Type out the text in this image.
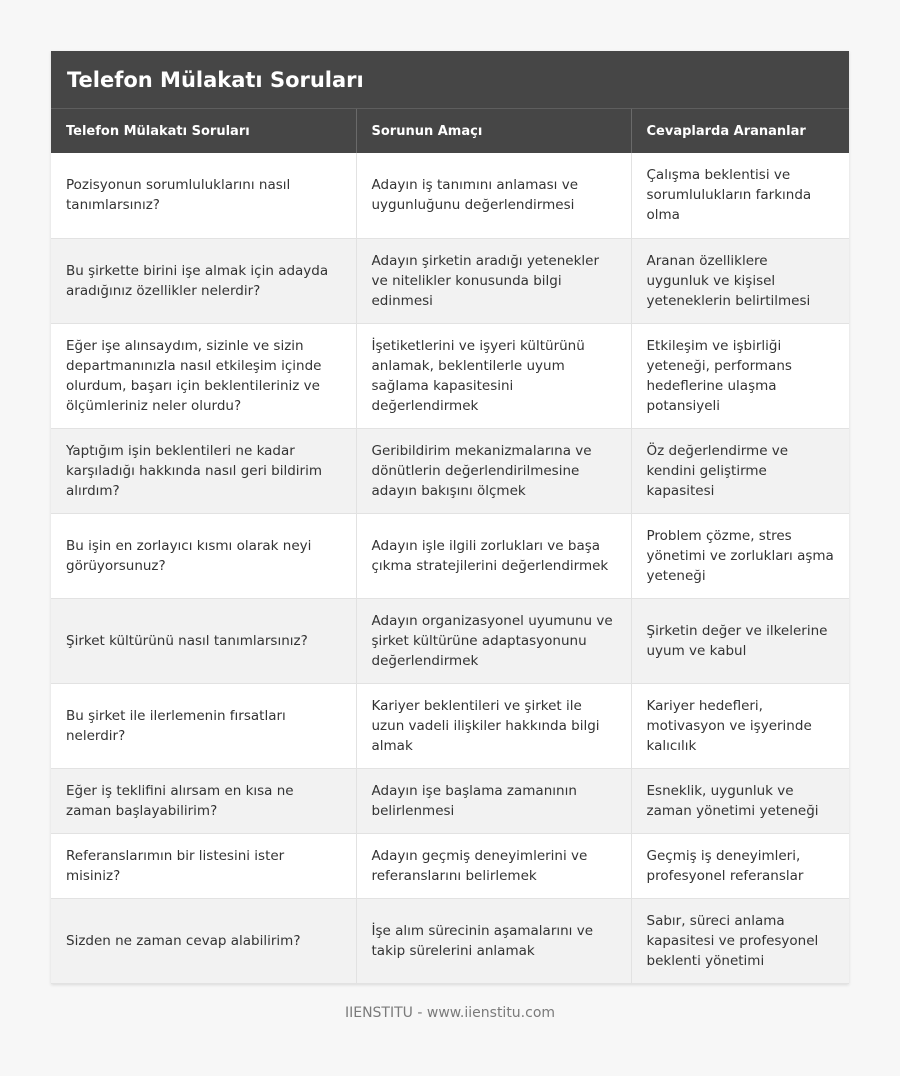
Telefon Mülakatı Soruları
Telefon Mülakatı Soruları	Sorunun Amaçı	Cevaplarda Arananlar
Pozisyonun sorumluluklarını nasıl tanımlarsınız?	Adayın iş tanımını anlaması ve uygunluğunu değerlendirmesi	Çalışma beklentisi ve sorumlulukların farkında olma
Bu şirkette birini işe almak için adayda aradığınız özellikler nelerdir?	Adayın şirketin aradığı yetenekler ve nitelikler konusunda bilgi edinmesi	Aranan özelliklere uygunluk ve kişisel yeteneklerin belirtilmesi
Eğer işe alınsaydım, sizinle ve sizin departmanınızla nasıl etkileşim içinde olurdum, başarı için beklentileriniz ve ölçümleriniz neler olurdu?	İşetiketlerini ve işyeri kültürünü anlamak, beklentilerle uyum sağlama kapasitesini değerlendirmek	Etkileşim ve işbirliği yeteneği, performans hedeflerine ulaşma potansiyeli
Yaptığım işin beklentileri ne kadar karşıladığı hakkında nasıl geri bildirim alırdım?	Geribildirim mekanizmalarına ve dönütlerin değerlendirilmesine adayın bakışını ölçmek	Öz değerlendirme ve kendini geliştirme kapasitesi
Bu işin en zorlayıcı kısmı olarak neyi görüyorsunuz?	Adayın işle ilgili zorlukları ve başa çıkma stratejilerini değerlendirmek	Problem çözme, stres yönetimi ve zorlukları aşma yeteneği
Şirket kültürünü nasıl tanımlarsınız?	Adayın organizasyonel uyumunu ve şirket kültürüne adaptasyonunu değerlendirmek	Şirketin değer ve ilkelerine uyum ve kabul
Bu şirket ile ilerlemenin fırsatları nelerdir?	Kariyer beklentileri ve şirket ile uzun vadeli ilişkiler hakkında bilgi almak	Kariyer hedefleri, motivasyon ve işyerinde kalıcılık
Eğer iş teklifini alırsam en kısa ne zaman başlayabilirim?	Adayın işe başlama zamanının belirlenmesi	Esneklik, uygunluk ve zaman yönetimi yeteneği
Referanslarımın bir listesini ister misiniz?	Adayın geçmiş deneyimlerini ve referanslarını belirlemek	Geçmiş iş deneyimleri, profesyonel referanslar
Sizden ne zaman cevap alabilirim?	İşe alım sürecinin aşamalarını ve takip sürelerini anlamak	Sabır, süreci anlama kapasitesi ve profesyonel beklenti yönetimi
IIENSTITU - www.iienstitu.com
